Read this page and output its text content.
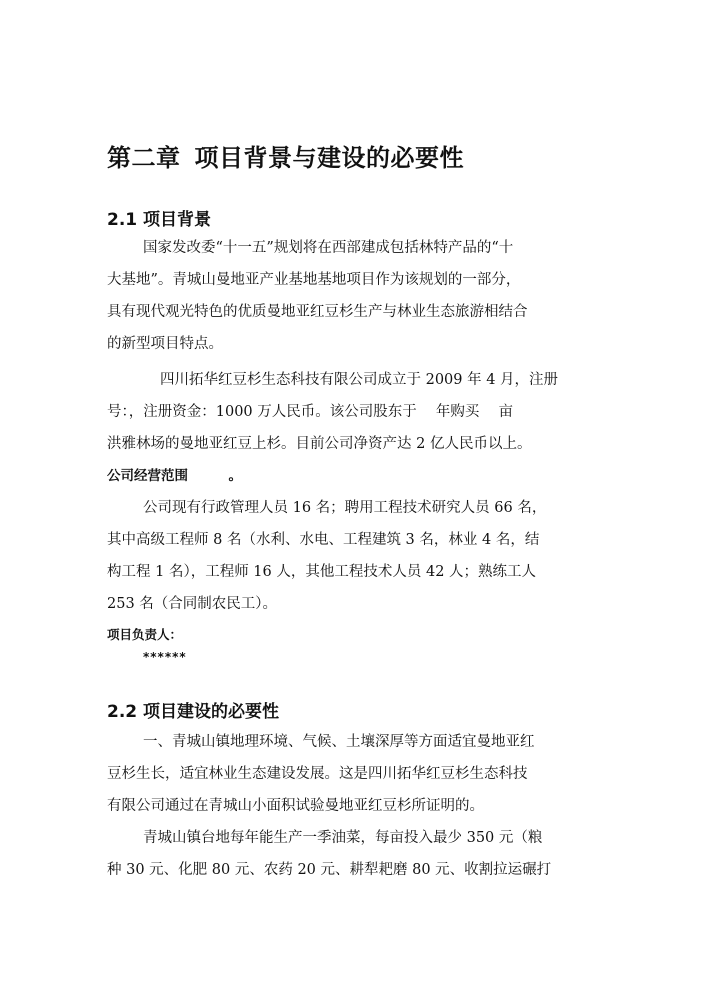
第二章 项目背景与建设的必要性
2.1 项目背景
国家发改委“十一五”规划将在西部建成包括林特产品的“十
大基地”。青城山曼地亚产业基地基地项目作为该规划的一部分，
具有现代观光特色的优质曼地亚红豆杉生产与林业生态旅游相结合
的新型项目特点。
四川拓华红豆杉生态科技有限公司成立于 2009 年 4 月，注册
号：，注册资金：1000 万人民币。该公司股东于　 年购买　 亩
洪雅林场的曼地亚红豆上杉。目前公司净资产达 2 亿人民币以上。
公司经营范围　　　。
公司现有行政管理人员 16 名；聘用工程技术研究人员 66 名，
其中高级工程师 8 名（水利、水电、工程建筑 3 名，林业 4 名，结
构工程 1 名），工程师 16 人，其他工程技术人员 42 人；熟练工人
253 名（合同制农民工）。
项目负责人：
******
2.2 项目建设的必要性
一、青城山镇地理环境、气候、土壤深厚等方面适宜曼地亚红
豆杉生长，适宜林业生态建设发展。这是四川拓华红豆杉生态科技
有限公司通过在青城山小面积试验曼地亚红豆杉所证明的。
青城山镇台地每年能生产一季油菜，每亩投入最少 350 元（粮
种 30 元、化肥 80 元、农药 20 元、耕犁耙磨 80 元、收割拉运碾打
